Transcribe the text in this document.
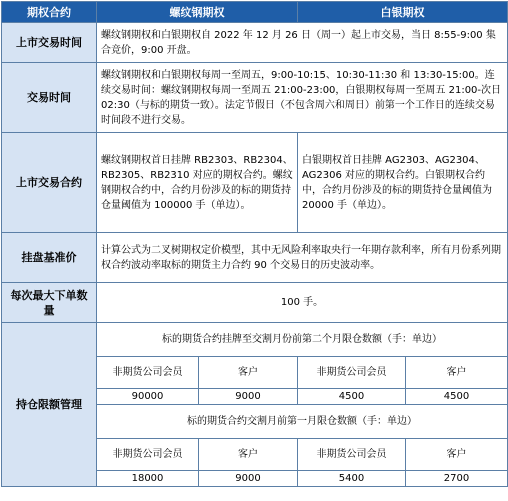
期权合约	螺纹钢期权		白银期权	
上市交易时间	螺纹钢期权和白银期权自 2022 年 12 月 26 日（周一）起上市交易，当日 8:55-9:00 集合竞价，9:00 开盘。			
交易时间	螺纹钢期权和白银期权每周一至周五，9:00-10:15、10:30-11:30 和 13:30-15:00。连续交易时间：螺纹钢期权每周一至周五 21:00-23:00，白银期权每周一至周五 21:00-次日 02:30（与标的期货一致）。法定节假日（不包含周六和周日）前第一个工作日的连续交易时间段不进行交易。			
上市交易合约	螺纹钢期权首日挂牌 RB2303、RB2304、RB2305、RB2310 对应的期权合约。螺纹钢期权合约中，合约月份涉及的标的期货持仓量阈值为 100000 手（单边）。		白银期权首日挂牌 AG2303、AG2304、AG2306 对应的期权合约。白银期权合约中，合约月份涉及的标的期货持仓量阈值为 20000 手（单边）。	
挂盘基准价	计算公式为二叉树期权定价模型，其中无风险利率取央行一年期存款利率，所有月份系列期权合约波动率取标的期货主力合约 90 个交易日的历史波动率。			
每次最大下单数量	100 手。			
持仓限额管理	标的期货合约挂牌至交割月份前第二个月限仓数额（手：单边）			
	非期货公司会员	客户	非期货公司会员	客户
	90000	9000	4500	4500
	标的期货合约交割月前第一月限仓数额（手：单边）			
	非期货公司会员	客户	非期货公司会员	客户
	18000	9000	5400	2700
